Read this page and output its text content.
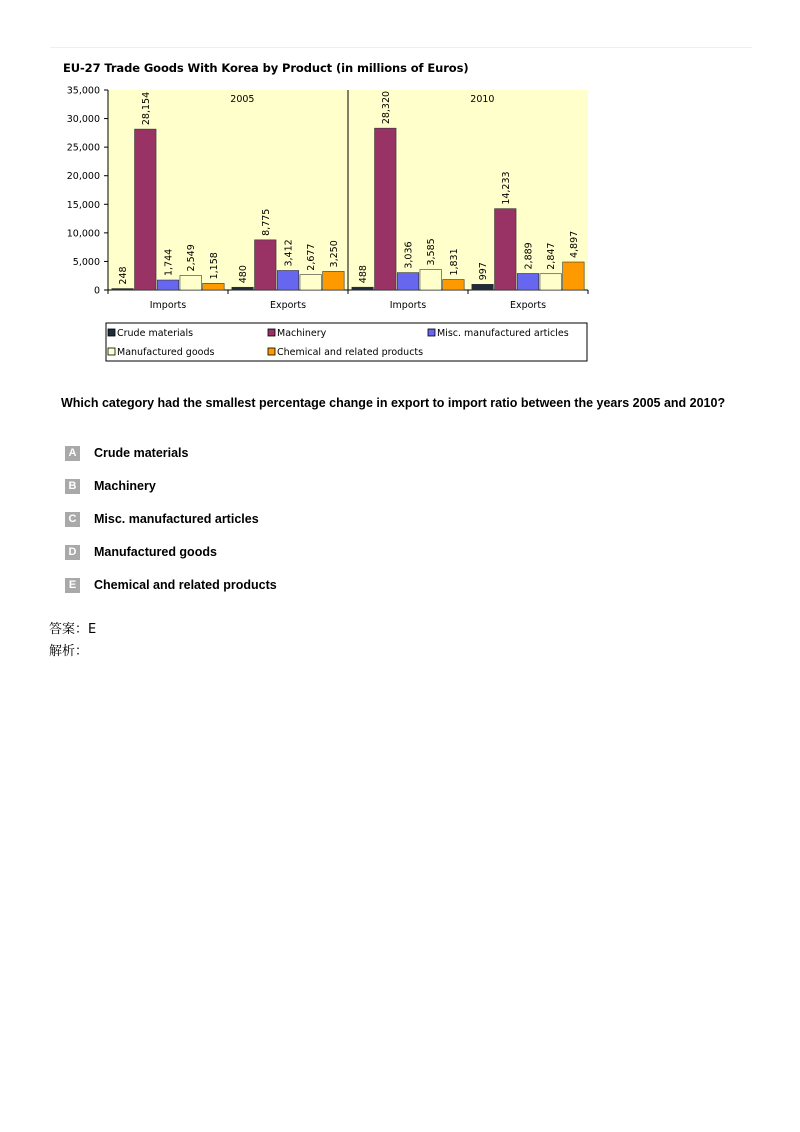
EU-27 Trade Goods With Korea by Product (in millions of Euros)
0
5,000
10,000
15,000
20,000
25,000
30,000
35,000
2005	2010
248
28,154
1,744 2,549 1,158
Imports
480
8,775
3,412 2,677 3,250
Exports
488
28,320
3,036 3,585 1,831
Imports
997
14,233
2,889 2,847 4,897
Exports
Crude materials	Machinery	Misc. manufactured articles
Manufactured goods	Chemical and related products
Which category had the smallest percentage change in export to import ratio between the years 2005 and 2010?
A Crude materials
B Machinery
C Misc. manufactured articles
D Manufactured goods
E	Chemical and related products
答案：E
解析：
